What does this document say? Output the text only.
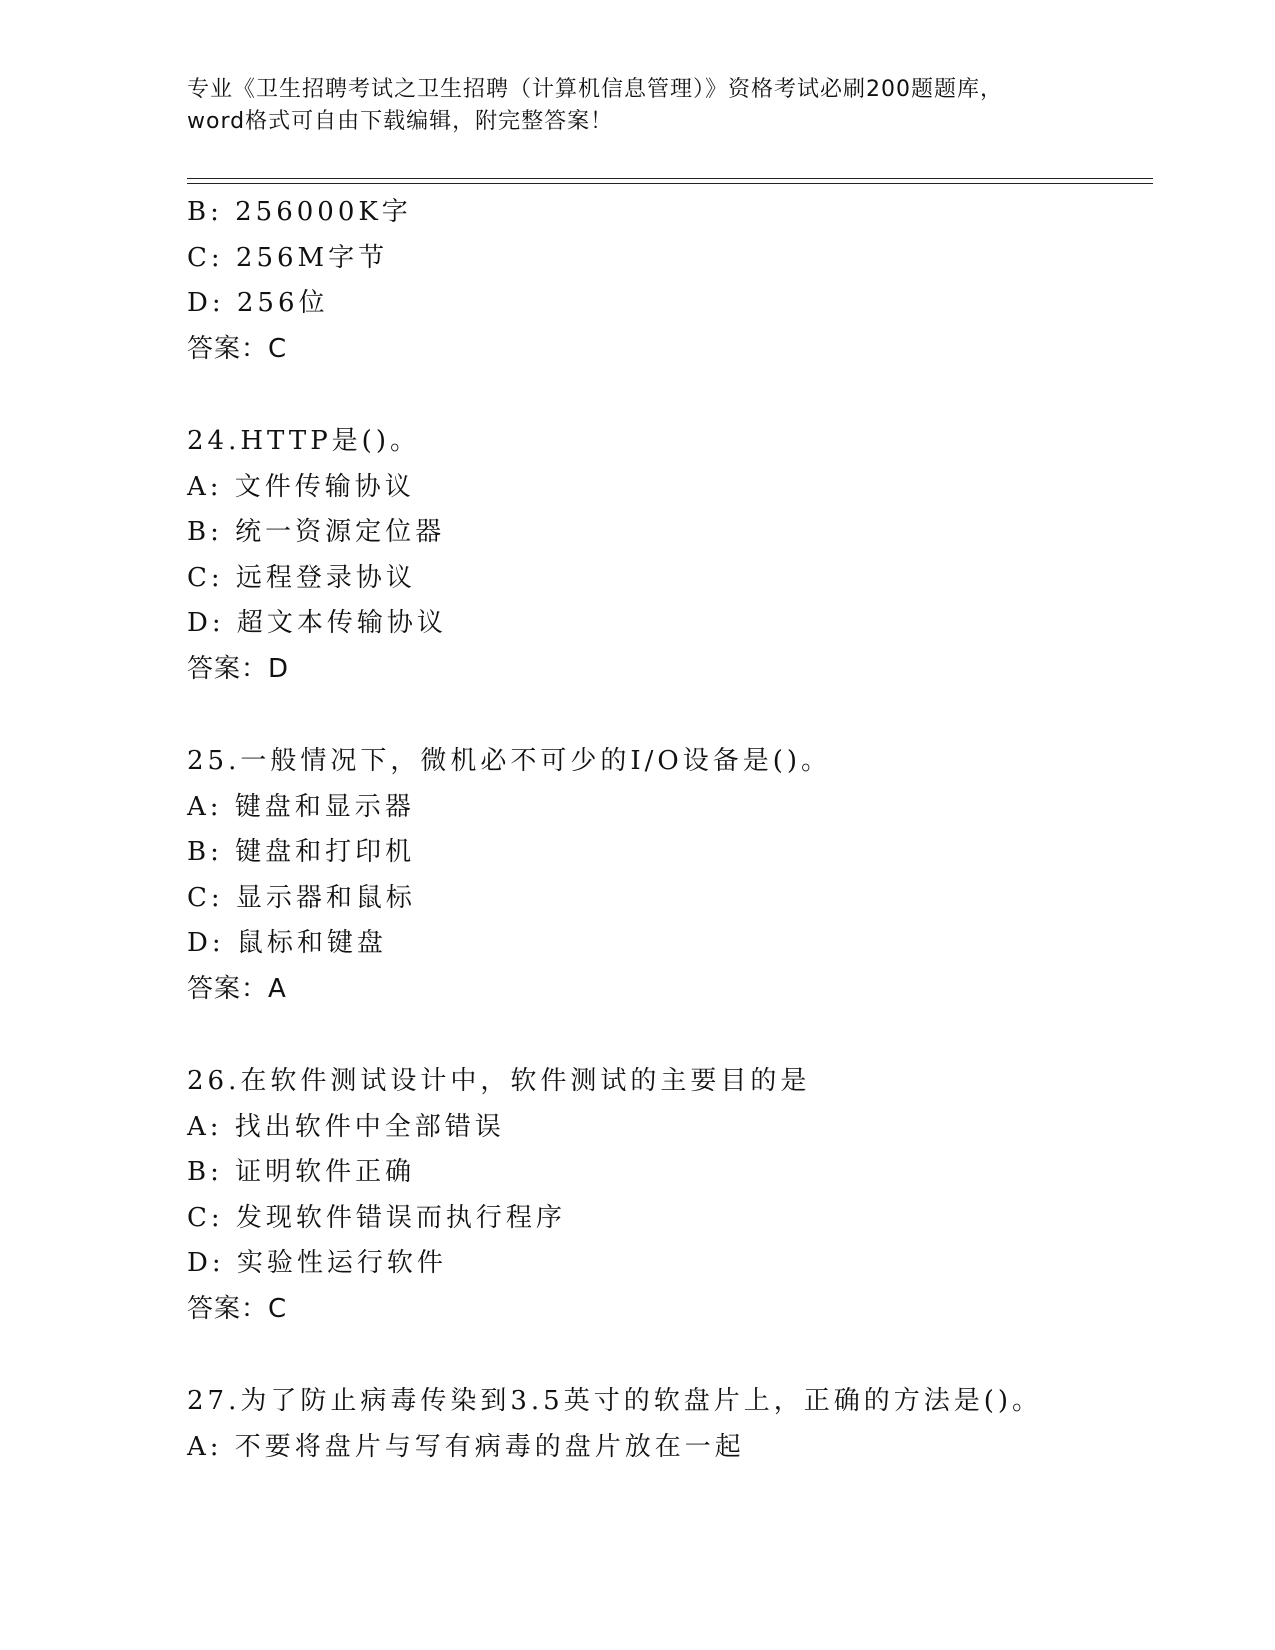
专业《卫生招聘考试之卫生招聘（计算机信息管理）》资格考试必刷200题题库，
word格式可自由下载编辑，附完整答案！
B: 256000K字
C: 256M字节
D: 256位
答案：C
24.HTTP是()。
A: 文件传输协议
B: 统一资源定位器
C: 远程登录协议
D: 超文本传输协议
答案：D
25.一般情况下，微机必不可少的I/O设备是()。
A: 键盘和显示器
B: 键盘和打印机
C: 显示器和鼠标
D: 鼠标和键盘
答案：A
26.在软件测试设计中，软件测试的主要目的是
A: 找出软件中全部错误
B: 证明软件正确
C: 发现软件错误而执行程序
D: 实验性运行软件
答案：C
27.为了防止病毒传染到3.5英寸的软盘片上，正确的方法是()。
A: 不要将盘片与写有病毒的盘片放在一起
